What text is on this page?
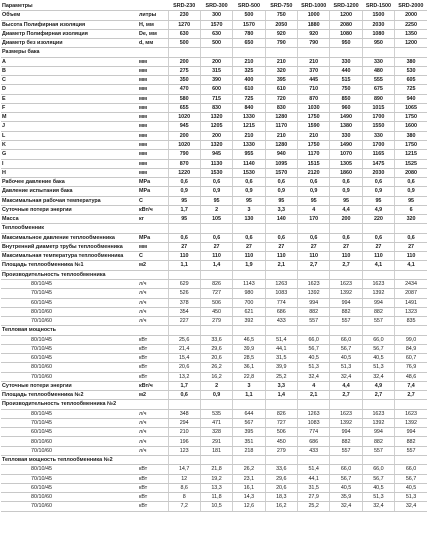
Параметры		SRD-230	SRD-300	SRD-500	SRD-750	SRD-1000	SRD-1200	SRD-1500	SRD-2000
Объем	литры	230	300	500	750	1000	1200	1500	2000
Высота Полифирная изоляция	H, мм	1270	1570	1570	2050	1880	2080	2030	2250
Диаметр Полифирная изоляция	De, мм	630	630	780	920	920	1080	1080	1350
Диаметр без изоляции	d, мм	500	500	650	790	790	950	950	1200
Размеры бака									
A	мм	200	200	210	210	210	330	330	380
B	мм	275	315	325	320	370	440	480	530
C	мм	350	390	400	395	445	515	555	605
D	мм	470	600	610	610	710	750	675	725
E	мм	580	715	725	720	870	850	890	940
F	мм	655	830	840	830	1030	960	1015	1065
M	мм	1020	1320	1330	1280	1750	1490	1700	1750
J	мм	945	1205	1215	1170	1590	1380	1550	1600
L	мм	200	200	210	210	210	330	330	380
K	мм	1020	1320	1330	1280	1750	1490	1700	1750
G	мм	790	945	955	940	1170	1070	1165	1215
I	мм	870	1130	1140	1095	1515	1305	1475	1525
H	мм	1220	1530	1530	1570	2120	1860	2030	2080
Рабочее давление бака	MPa	0,6	0,6	0,6	0,6	0,6	0,6	0,6	0,6
Давление испытания бака	MPa	0,9	0,9	0,9	0,9	0,9	0,9	0,9	0,9
Максимальная рабочая температура	C	95	95	95	95	95	95	95	95
Суточные потери энергии	кВт/ч	1,7	2	3	3,3	4	4,4	4,9	6
Масса	кг	95	105	130	140	170	200	220	320
Теплообменник									
Максимальное давление теплообменника	MPa	0,6	0,6	0,6	0,6	0,6	0,6	0,6	0,6
Внутренний диаметр трубы теплообменника	мм	27	27	27	27	27	27	27	27
Максимальная температура теплообменника	C	110	110	110	110	110	110	110	110
Площадь теплообменника №1	м2	1,1	1,4	1,9	2,1	2,7	2,7	4,1	4,1
Производительность теплообменника									
80/10/45	л/ч	629	826	1143	1263	1623	1623	1623	2434
70/10/45	л/ч	526	727	980	1083	1392	1392	1392	2087
60/10/45	л/ч	378	506	700	774	994	994	994	1491
80/10/60	л/ч	354	450	621	686	882	882	882	1323
70/10/60	л/ч	227	279	392	433	557	557	557	835
Тепловая мощность									
80/10/45	кВт	25,6	33,6	46,5	51,4	66,0	66,0	66,0	99,0
70/10/45	кВт	21,4	29,6	39,9	44,1	56,7	56,7	56,7	84,9
60/10/45	кВт	15,4	20,6	28,5	31,5	40,5	40,5	40,5	60,7
80/10/60	кВт	20,6	26,2	36,1	39,9	51,3	51,3	51,3	76,9
70/10/60	кВт	13,2	16,2	22,8	25,2	32,4	32,4	32,4	48,6
Суточные потери энергии	кВт/ч	1,7	2	3	3,3	4	4,4	4,9	7,4
Площадь теплообменника №2	м2	0,6	0,9	1,1	1,4	2,1	2,7	2,7	2,7
Производительность теплообменника №2									
80/10/45	л/ч	348	535	644	826	1263	1623	1623	1623
70/10/45	л/ч	294	471	567	727	1083	1392	1392	1392
60/10/45	л/ч	210	328	395	506	774	994	994	994
80/10/60	л/ч	196	291	351	450	686	882	882	882
70/10/60	л/ч	123	181	218	279	433	557	557	557
Тепловая мощность теплообменника №2									
80/10/45	кВт	14,7	21,8	26,2	33,6	51,4	66,0	66,0	66,0
70/10/45	кВт	12	19,2	23,1	29,6	44,1	56,7	56,7	56,7
60/10/45	кВт	8,6	13,3	16,1	20,6	31,5	40,5	40,5	40,5
80/10/60	кВт	8	11,8	14,3	18,3	27,9	35,9	51,3	51,3
70/10/60	кВт	7,2	10,5	12,6	16,2	25,2	32,4	32,4	32,4
